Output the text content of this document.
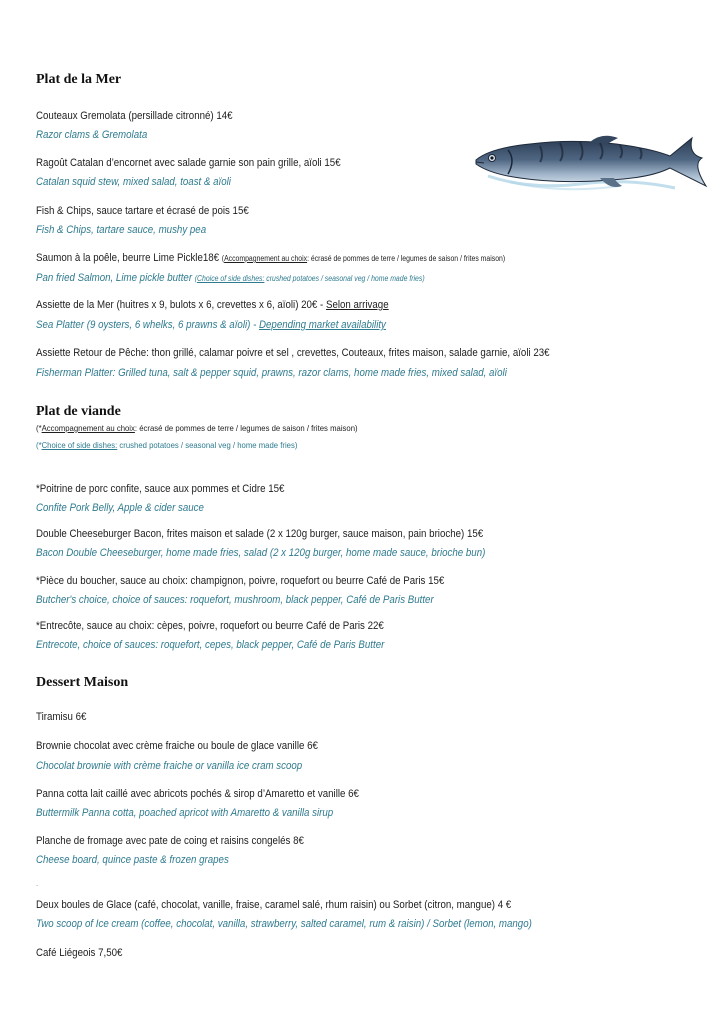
Plat de la Mer
Couteaux Gremolata (persillade citronné) 14€
Razor clams & Gremolata
Ragoût Catalan d’encornet avec salade garnie son pain grille, aïoli 15€
Catalan squid stew, mixed salad, toast & aïoli
Fish & Chips, sauce tartare et écrasé de pois 15€
Fish & Chips, tartare sauce, mushy pea
Saumon à la poêle, beurre Lime Pickle18€ (Accompagnement au choix: écrasé de pommes de terre / legumes de saison / frites maison)
Pan fried Salmon, Lime pickle butter (Choice of side dishes: crushed potatoes / seasonal veg / home made fries)
Assiette de la Mer (huitres x 9, bulots x 6, crevettes x 6, aïoli) 20€ - Selon arrivage
Sea Platter (9 oysters, 6 whelks, 6 prawns & aïoli) - Depending market availability
Assiette Retour de Pêche: thon grillé, calamar poivre et sel , crevettes, Couteaux, frites maison, salade garnie, aïoli 23€
Fisherman Platter: Grilled tuna, salt & pepper squid, prawns, razor clams, home made fries, mixed salad, aïoli
Plat de viande
(*Accompagnement au choix: écrasé de pommes de terre / legumes de saison / frites maison)
(*Choice of side dishes: crushed potatoes / seasonal veg / home made fries)
*Poitrine de porc confite, sauce aux pommes et Cidre 15€
Confite Pork Belly, Apple & cider sauce
Double Cheeseburger Bacon, frites maison et salade (2 x 120g burger, sauce maison, pain brioche) 15€
Bacon Double Cheeseburger, home made fries, salad (2 x 120g burger, home made sauce, brioche bun)
*Pièce du boucher, sauce au choix: champignon, poivre, roquefort ou beurre Café de Paris 15€
Butcher's choice, choice of sauces: roquefort, mushroom, black pepper, Café de Paris Butter
*Entrecôte, sauce au choix: cèpes, poivre, roquefort ou beurre Café de Paris 22€
Entrecote, choice of sauces: roquefort, cepes, black pepper, Café de Paris Butter
Dessert Maison
Tiramisu 6€
Brownie chocolat avec crème fraiche ou boule de glace vanille 6€
Chocolat brownie with crème fraiche or vanilla ice cram scoop
Panna cotta lait caillé avec abricots pochés & sirop d’Amaretto et vanille 6€
Buttermilk Panna cotta, poached apricot with Amaretto & vanilla sirup
Planche de fromage avec pate de coing et raisins congelés 8€
Cheese board, quince paste & frozen grapes
.
Deux boules de Glace (café, chocolat, vanille, fraise, caramel salé, rhum raisin) ou Sorbet (citron, mangue) 4 €
Two scoop of Ice cream (coffee, chocolat, vanilla, strawberry, salted caramel, rum & raisin) / Sorbet (lemon, mango)
Café Liégeois 7,50€
